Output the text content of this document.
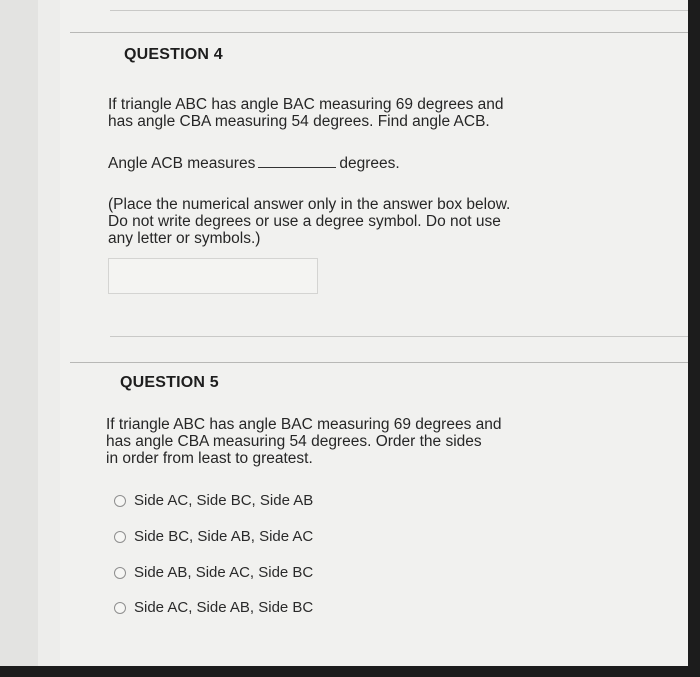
QUESTION 4
If triangle ABC has angle BAC measuring 69 degrees and
has angle CBA measuring 54 degrees. Find angle ACB.
Angle ACB measures	degrees.
(Place the numerical answer only in the answer box below.
Do not write degrees or use a degree symbol. Do not use
any letter or symbols.)
QUESTION 5
If triangle ABC has angle BAC measuring 69 degrees and
has angle CBA measuring 54 degrees. Order the sides
in order from least to greatest.
Side AC, Side BC, Side AB
Side BC, Side AB, Side AC
Side AB, Side AC, Side BC
Side AC, Side AB, Side BC
